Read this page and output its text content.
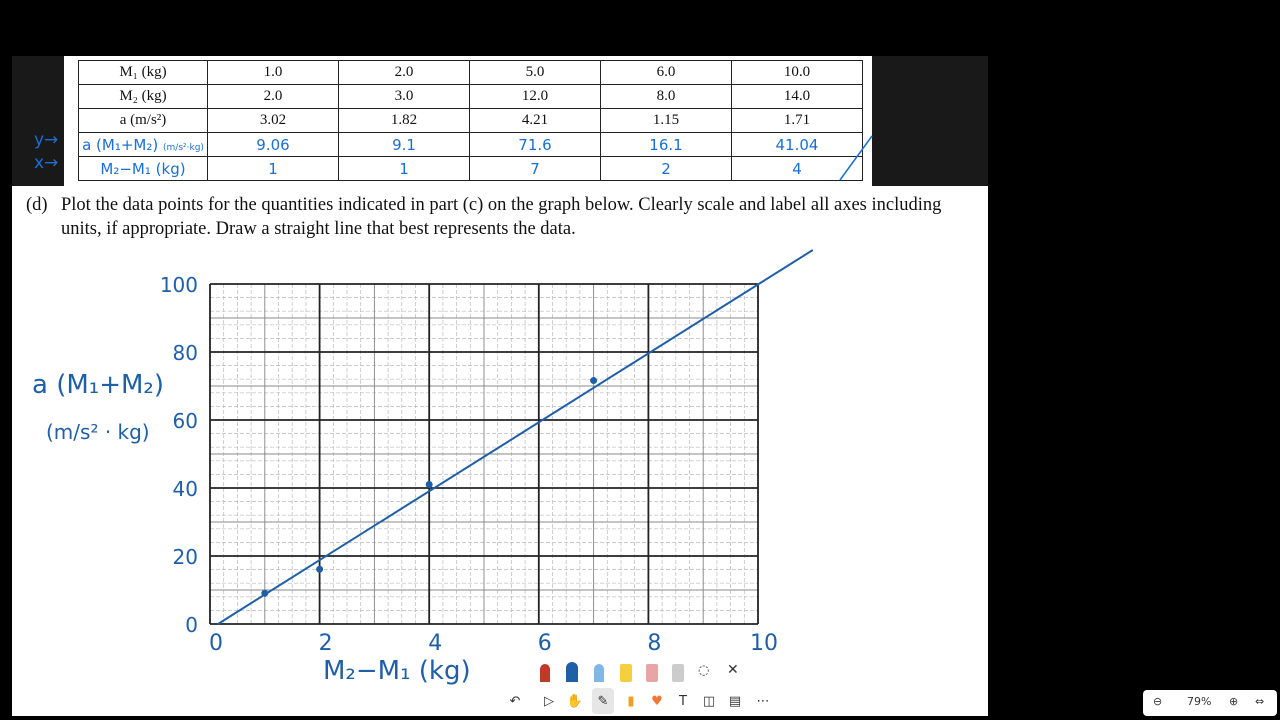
M₁ (kg)	1.0	2.0	5.0	6.0	10.0
M₂ (kg)	2.0	3.0	12.0	8.0	14.0
a (m/s²)	3.02	1.82	4.21	1.15	1.71
a (M₁+M₂) (m/s²·kg)	9.06	9.1	71.6	16.1	41.04
M₂−M₁ (kg)	1	1	7	2	4
y→
x→
(d) Plot the data points for the quantities indicated in part (c) on the graph below. Clearly scale and label all axes including units, if appropriate. Draw a straight line that best represents the data.
0
20
40
60
80
100
0	2	4	6	8	10
a (M₁+M₂)
(m/s² · kg)
M₂−M₁ (kg)	◌ ✕
↶	▷ ✋	✎	▮	♥	T	◫	▤	⋯	⊖ 79% ⊕ ⇔
